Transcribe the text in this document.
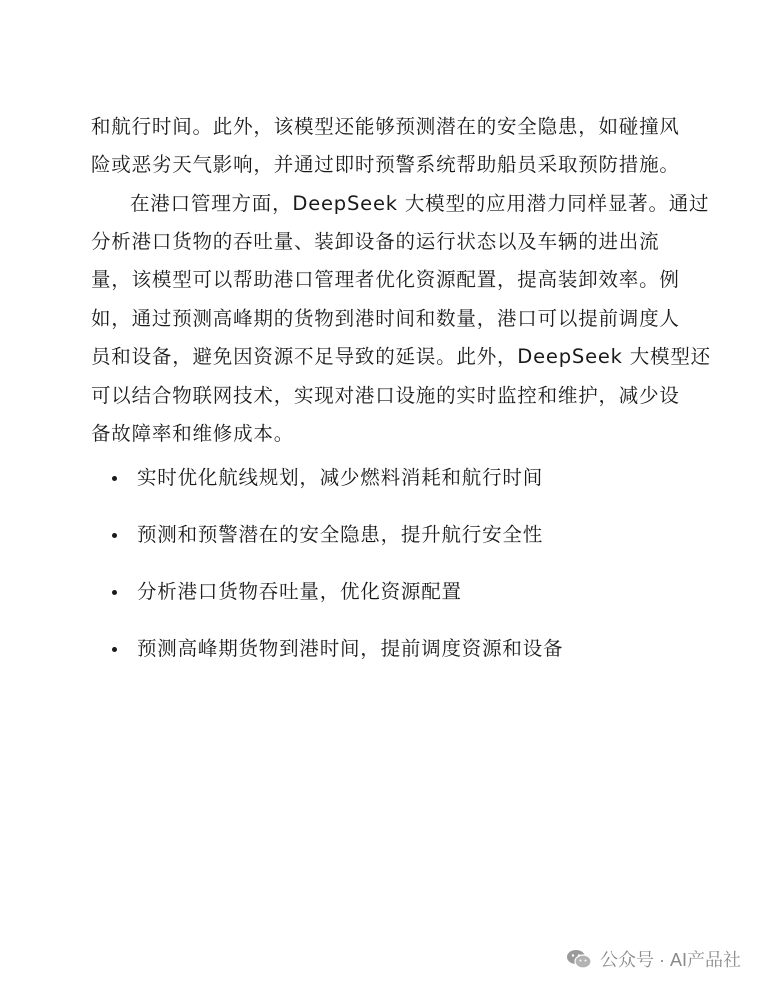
和航行时间。此外，该模型还能够预测潜在的安全隐患，如碰撞风
险或恶劣天气影响，并通过即时预警系统帮助船员采取预防措施。
在港口管理方面，DeepSeek 大模型的应用潜力同样显著。通过
分析港口货物的吞吐量、装卸设备的运行状态以及车辆的进出流
量，该模型可以帮助港口管理者优化资源配置，提高装卸效率。例
如，通过预测高峰期的货物到港时间和数量，港口可以提前调度人
员和设备，避免因资源不足导致的延误。此外，DeepSeek 大模型还
可以结合物联网技术，实现对港口设施的实时监控和维护，减少设
备故障率和维修成本。
实时优化航线规划，减少燃料消耗和航行时间
预测和预警潜在的安全隐患，提升航行安全性
分析港口货物吞吐量，优化资源配置
预测高峰期货物到港时间，提前调度资源和设备
公众号 · AI产品社
